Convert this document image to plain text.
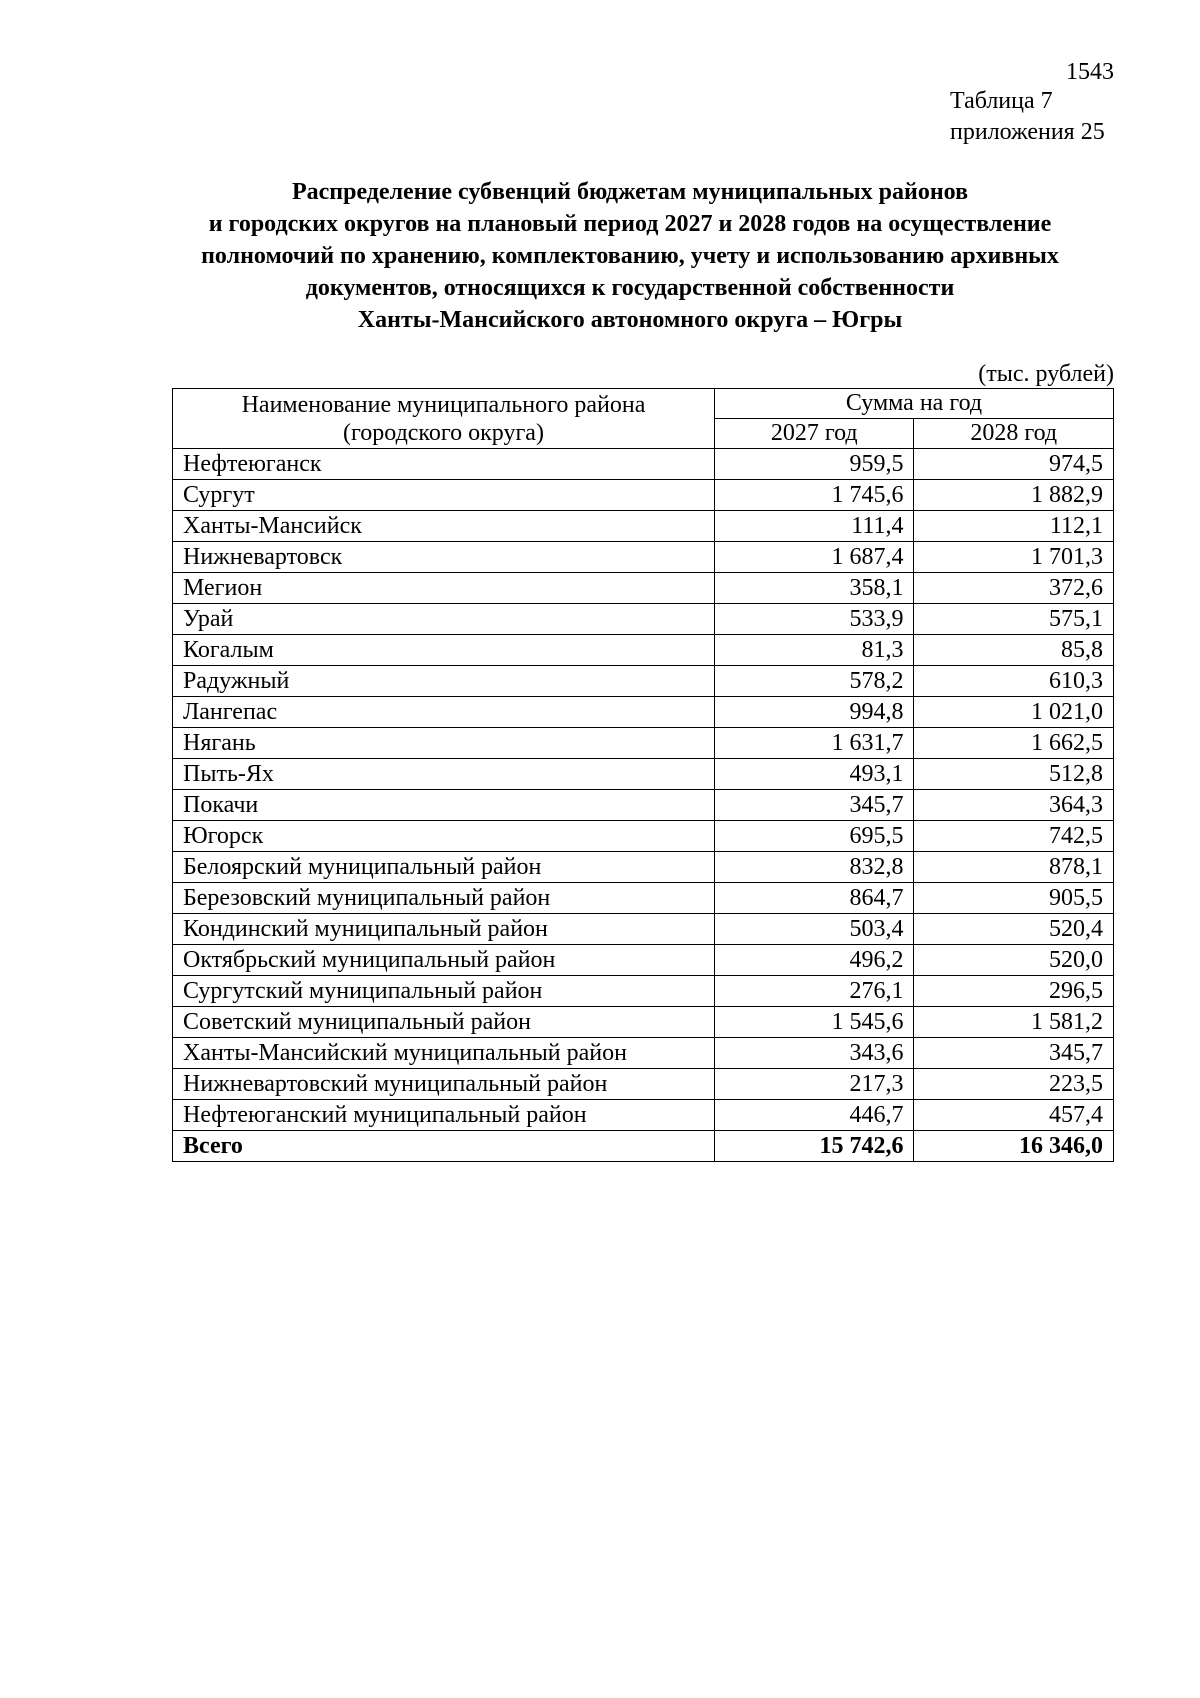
1543
Таблица 7
приложения 25
Распределение субвенций бюджетам муниципальных районов
и городских округов на плановый период 2027 и 2028 годов на осуществление
полномочий по хранению, комплектованию, учету и использованию архивных
документов, относящихся к государственной собственности
Ханты-Мансийского автономного округа – Югры
(тыс. рублей)
Наименование муниципального района (городского округа)	Сумма на год	
	2027 год	2028 год
Нефтеюганск	959,5	974,5
Сургут	1 745,6	1 882,9
Ханты-Мансийск	111,4	112,1
Нижневартовск	1 687,4	1 701,3
Мегион	358,1	372,6
Урай	533,9	575,1
Когалым	81,3	85,8
Радужный	578,2	610,3
Лангепас	994,8	1 021,0
Нягань	1 631,7	1 662,5
Пыть-Ях	493,1	512,8
Покачи	345,7	364,3
Югорск	695,5	742,5
Белоярский муниципальный район	832,8	878,1
Березовский муниципальный район	864,7	905,5
Кондинский муниципальный район	503,4	520,4
Октябрьский муниципальный район	496,2	520,0
Сургутский муниципальный район	276,1	296,5
Советский муниципальный район	1 545,6	1 581,2
Ханты-Мансийский муниципальный район	343,6	345,7
Нижневартовский муниципальный район	217,3	223,5
Нефтеюганский муниципальный район	446,7	457,4
Всего	15 742,6	16 346,0
